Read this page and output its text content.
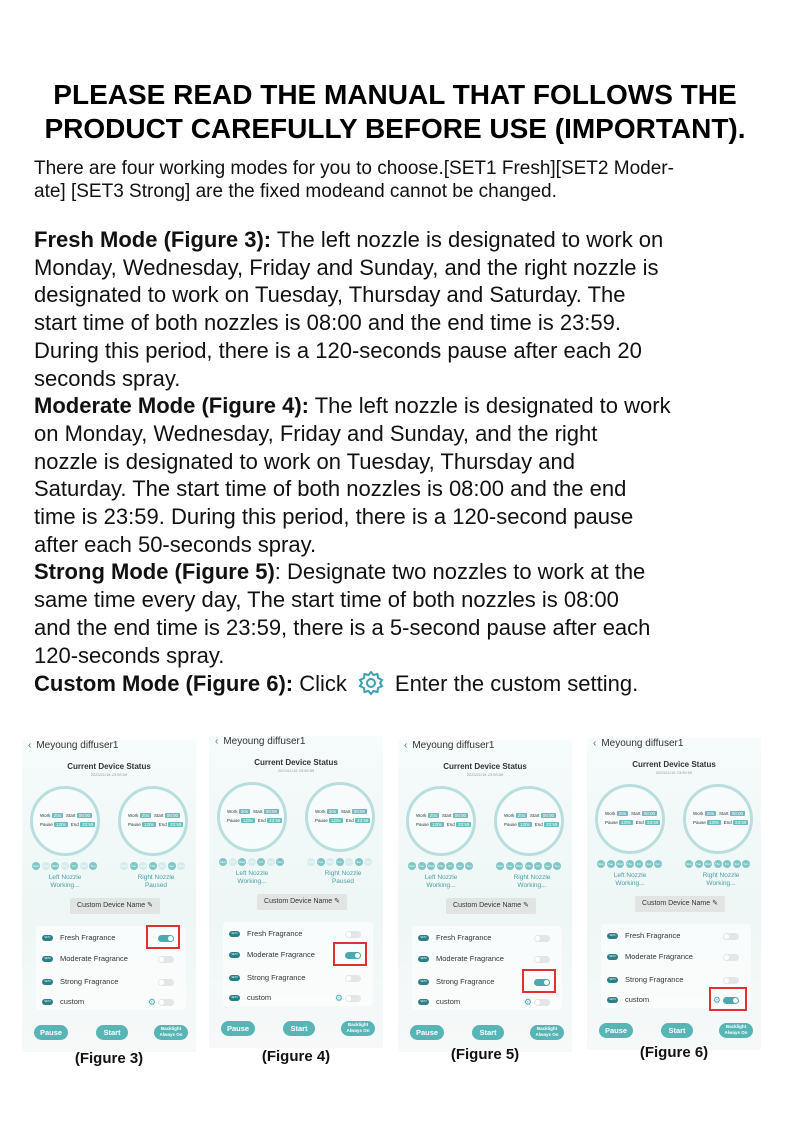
PLEASE READ THE MANUAL THAT FOLLOWS THE
PRODUCT CAREFULLY BEFORE USE (IMPORTANT).
There are four working modes for you to choose.[SET1 Fresh][SET2 Moder-
ate] [SET3 Strong] are the fixed modeand cannot be changed.
Fresh Mode (Figure 3): The left nozzle is designated to work on
Monday, Wednesday, Friday and Sunday, and the right nozzle is
designated to work on Tuesday, Thursday and Saturday. The
start time of both nozzles is 08:00 and the end time is 23:59.
During this period, there is a 120-seconds pause after each 20
seconds spray.
Moderate Mode (Figure 4): The left nozzle is designated to work
on Monday, Wednesday, Friday and Sunday, and the right
nozzle is designated to work on Tuesday, Thursday and
Saturday. The start time of both nozzles is 08:00 and the end
time is 23:59. During this period, there is a 120-second pause
after each 50-seconds spray.
Strong Mode (Figure 5): Designate two nozzles to work at the
same time every day, The start time of both nozzles is 08:00
and the end time is 23:59, there is a 5-second pause after each
120-seconds spray.
Custom Mode (Figure 6): Click Enter the custom setting.
‹ Meyoung diffuser1
Current Device Status
2023/11/15 23:59:59
Work 20s Start 08:00
Pause 120s End 23:59
Work 20s Start 08:00
Pause 120s End 23:59
Mon Tue Wed Thu Fri Sat Sun	Mon Tue Wed Thu Fri Sat Sun
Left Nozzle
Working...
Right Nozzle
Paused
Custom Device Name ✎
SET1	Fresh Fragrance
SET2	Moderate Fragrance
SET3	Strong Fragrance
SET4	custom	⚙
Pause	Start	Backlight
Always On
(Figure 3)
‹ Meyoung diffuser1
Current Device Status
2023/11/15 23:59:59
Work 20s Start 08:00
Pause 120s End 23:59
Work 20s Start 08:00
Pause 120s End 23:59
Mon Tue Wed Thu Fri Sat Sun	Mon Tue Wed Thu Fri Sat Sun
Left Nozzle
Working...
Right Nozzle
Paused
Custom Device Name ✎
SET1	Fresh Fragrance
SET2	Moderate Fragrance
SET3	Strong Fragrance
SET4	custom	⚙
Pause	Start	Backlight
Always On
(Figure 4)
‹ Meyoung diffuser1
Current Device Status
2023/11/15 23:59:59
Work 20s Start 08:00
Pause 120s End 23:59
Work 20s Start 08:00
Pause 120s End 23:59
Mon Tue Wed Thu Fri Sat Sun	Mon Tue Wed Thu Fri Sat Sun
Left Nozzle
Working...
Right Nozzle
Working...
Custom Device Name ✎
SET1	Fresh Fragrance
SET2	Moderate Fragrance
SET3	Strong Fragrance
SET4	custom	⚙
Pause	Start	Backlight
Always On
(Figure 5)
‹ Meyoung diffuser1
Current Device Status
2023/11/15 23:59:59
Work 20s Start 08:00
Pause 120s End 23:59
Work 20s Start 08:00
Pause 120s End 23:59
Mon Tue Wed Thu Fri Sat Sun	Mon Tue Wed Thu Fri Sat Sun
Left Nozzle
Working...
Right Nozzle
Working...
Custom Device Name ✎
SET1	Fresh Fragrance
SET2	Moderate Fragrance
SET3	Strong Fragrance
SET4	custom	⚙
Pause	Start	Backlight
Always On
(Figure 6)
